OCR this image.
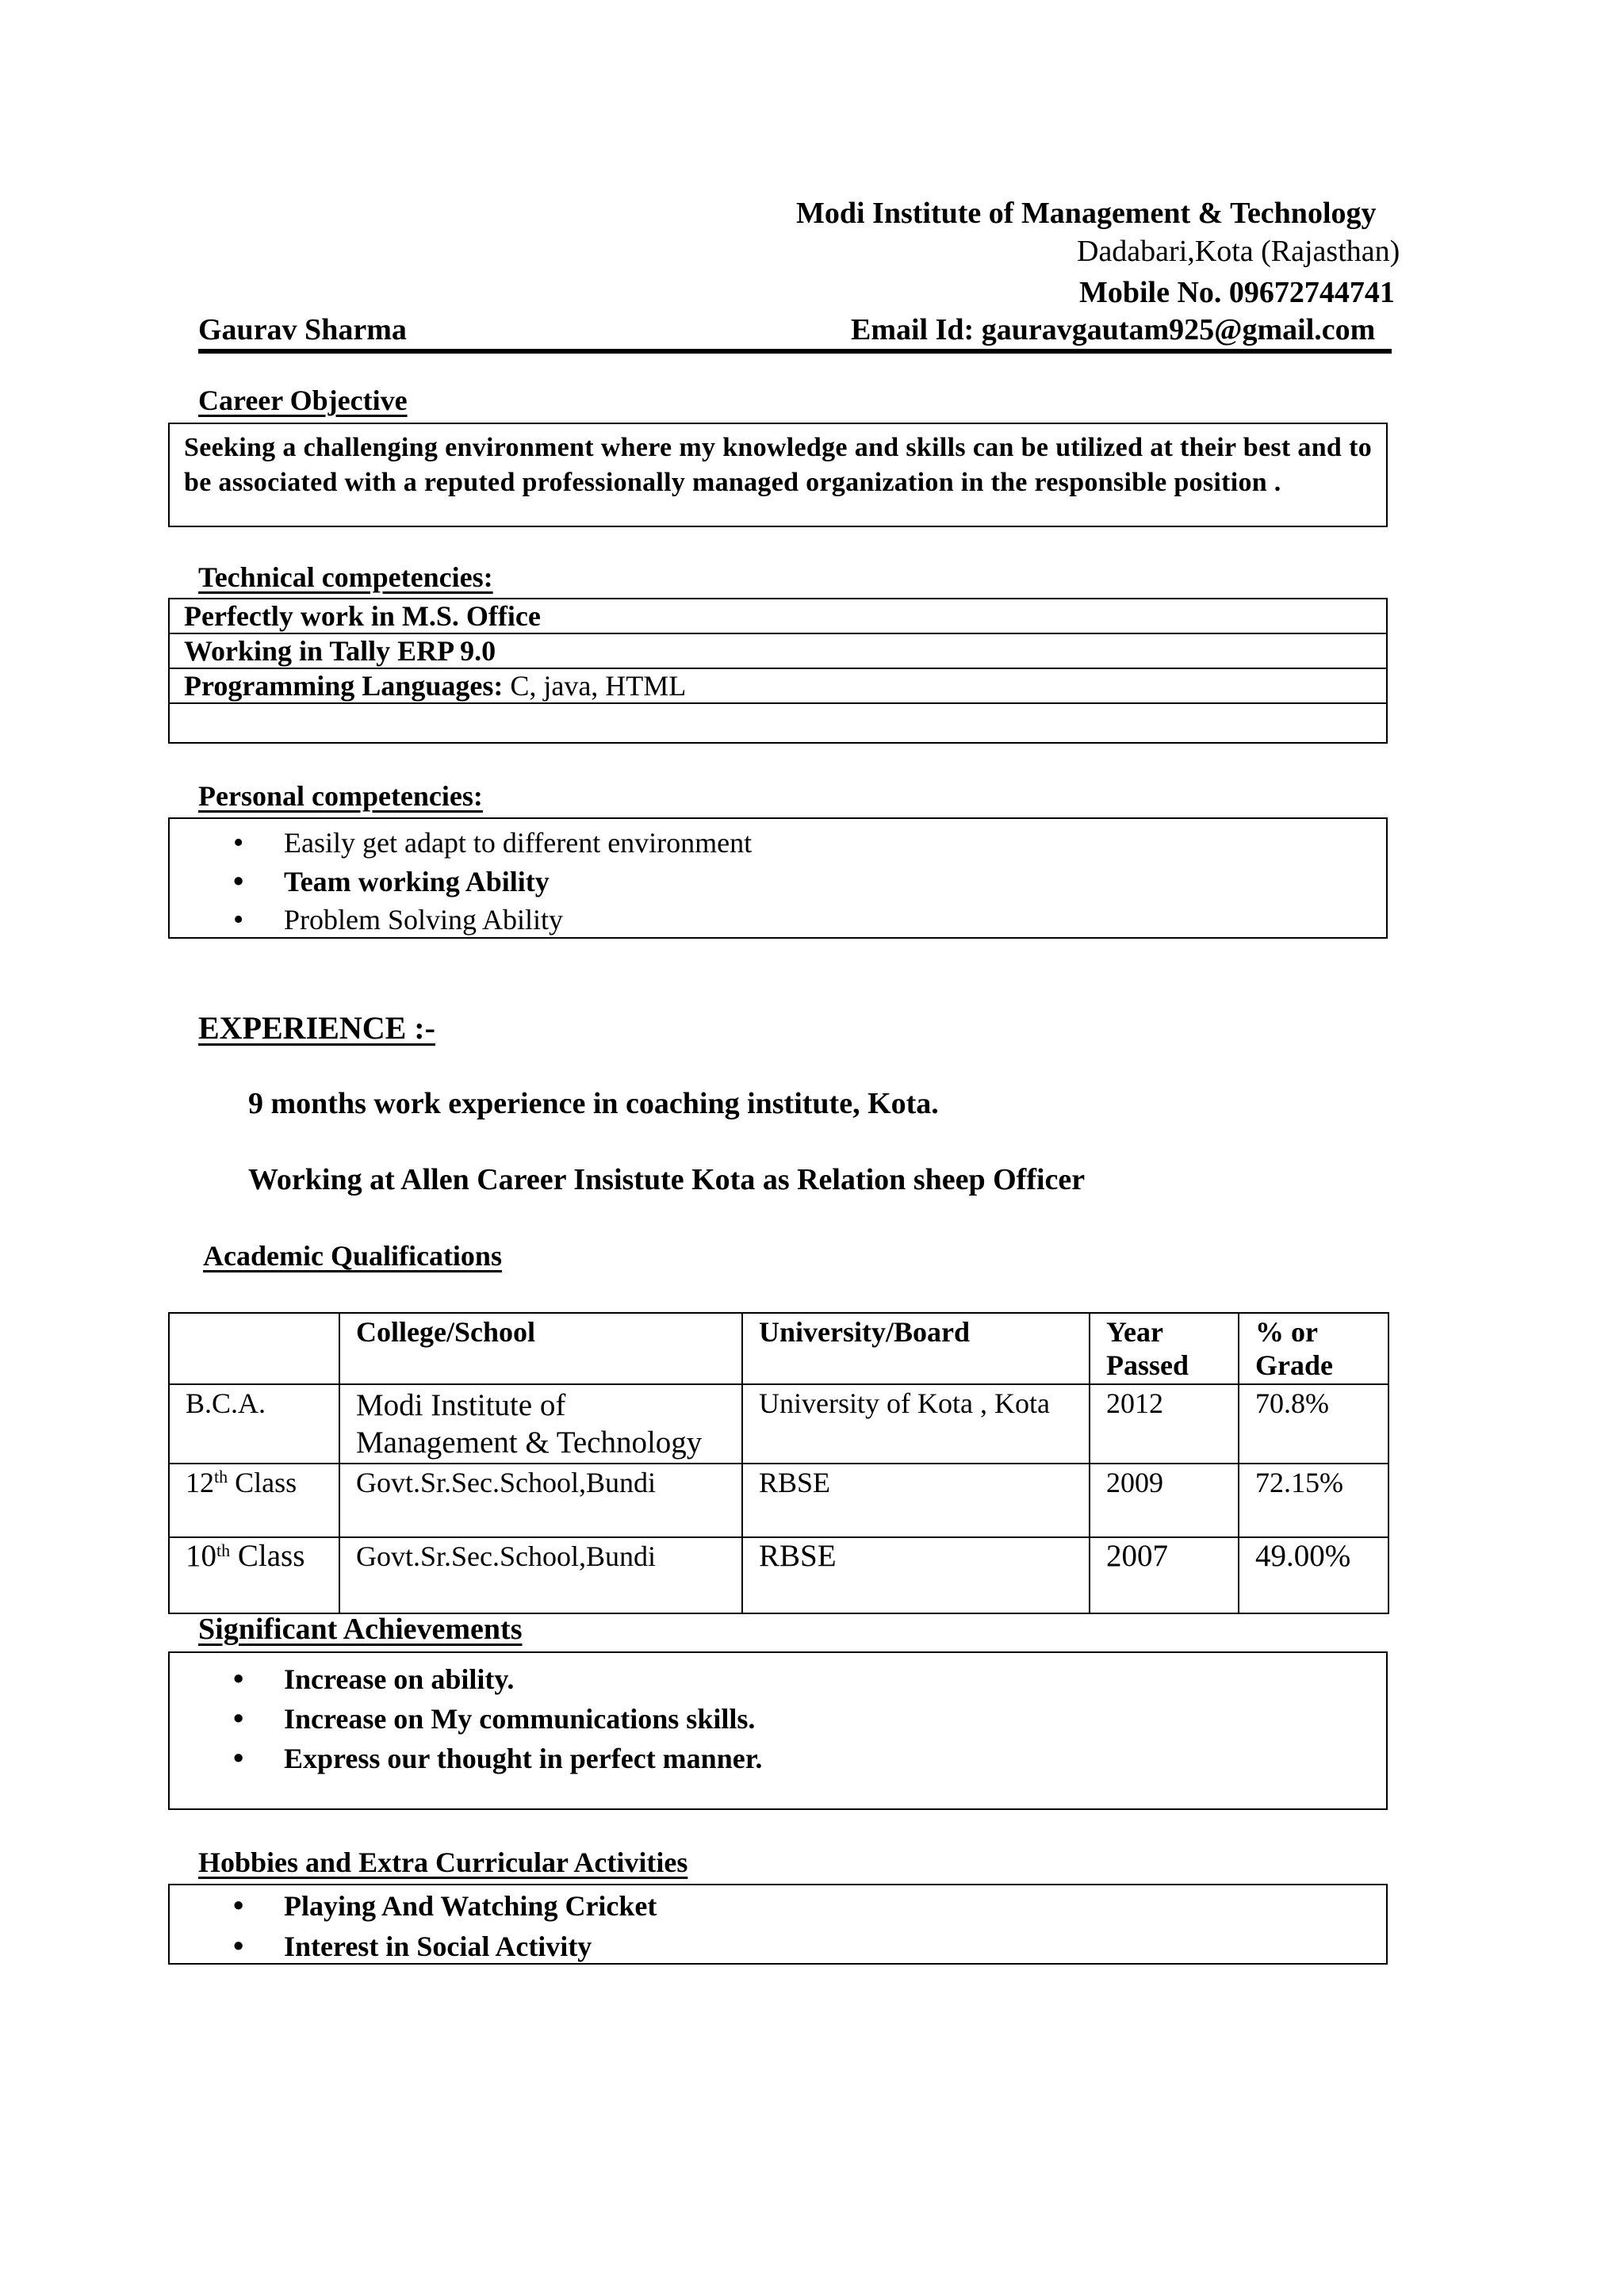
Modi Institute of Management & Technology
Dadabari,Kota (Rajasthan)
Mobile No. 09672744741
Gaurav Sharma	Email Id: gauravgautam925@gmail.com
Career Objective
Seeking a challenging environment where my knowledge and skills can be utilized at their best and to be associated with a reputed professionally managed organization in the responsible position .
Technical competencies:
Perfectly work in M.S. Office
Working in Tally ERP 9.0
Programming Languages: C, java, HTML
Personal competencies:
• Easily get adapt to different environment
• Team working Ability
• Problem Solving Ability
EXPERIENCE :-
9 months work experience in coaching institute, Kota.
Working at Allen Career Insistute Kota as Relation sheep Officer
Academic Qualifications
	College/School	University/Board	Year Passed	% or Grade
B.C.A.	Modi Institute of Management & Technology	University of Kota , Kota	2012	70.8%
12th Class	Govt.Sr.Sec.School,Bundi	RBSE	2009	72.15%
10th Class	Govt.Sr.Sec.School,Bundi	RBSE	2007	49.00%
Significant Achievements
• Increase on ability.
• Increase on My communications skills.
• Express our thought in perfect manner.
Hobbies and Extra Curricular Activities
• Playing And Watching Cricket
• Interest in Social Activity
